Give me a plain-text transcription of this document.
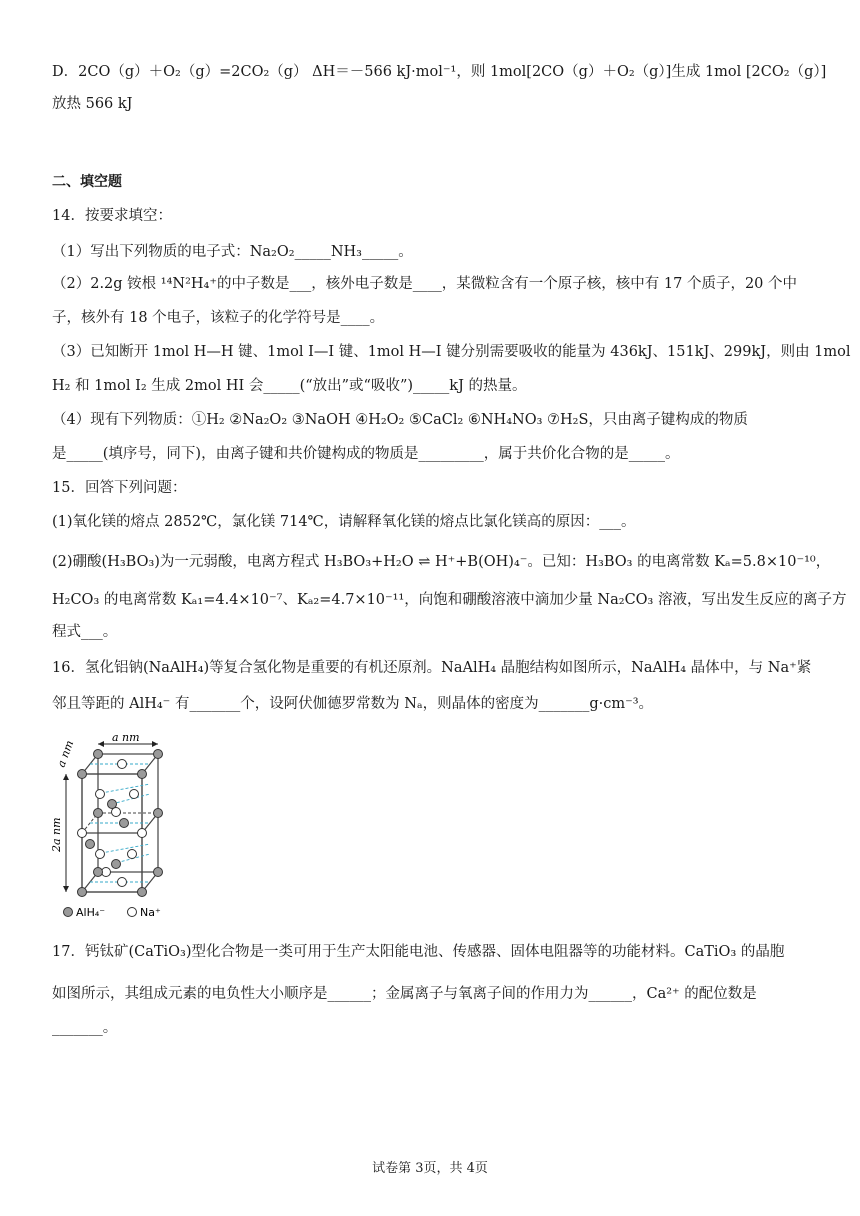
D．2CO（g）＋O₂（g）=2CO₂（g） ΔH＝－566 kJ·mol⁻¹，则 1mol[2CO（g）＋O₂（g）]生成 1mol [2CO₂（g）]
放热 566 kJ
二、填空题
14．按要求填空：
（1）写出下列物质的电子式：Na₂O₂_____NH₃_____。
（2）2.2g 铵根 ¹⁴N²H₄⁺的中子数是___，核外电子数是____，某微粒含有一个原子核，核中有 17 个质子，20 个中
子，核外有 18 个电子，该粒子的化学符号是____。
（3）已知断开 1mol H—H 键、1mol I—I 键、1mol H—I 键分别需要吸收的能量为 436kJ、151kJ、299kJ，则由 1mol
H₂ 和 1mol I₂ 生成 2mol HI 会_____(“放出”或“吸收”)_____kJ 的热量。
（4）现有下列物质：①H₂ ②Na₂O₂ ③NaOH ④H₂O₂ ⑤CaCl₂ ⑥NH₄NO₃ ⑦H₂S，只由离子键构成的物质
是_____(填序号，同下)，由离子键和共价键构成的物质是_________，属于共价化合物的是_____。
15．回答下列问题：
(1)氧化镁的熔点 2852℃，氯化镁 714℃，请解释氧化镁的熔点比氯化镁高的原因：___。
(2)硼酸(H₃BO₃)为一元弱酸，电离方程式 H₃BO₃+H₂O ⇌ H⁺+B(OH)₄⁻。已知：H₃BO₃ 的电离常数 Kₐ=5.8×10⁻¹⁰，
H₂CO₃ 的电离常数 Kₐ₁=4.4×10⁻⁷、Kₐ₂=4.7×10⁻¹¹，向饱和硼酸溶液中滴加少量 Na₂CO₃ 溶液，写出发生反应的离子方
程式___。
16．氢化铝钠(NaAlH₄)等复合氢化物是重要的有机还原剂。NaAlH₄ 晶胞结构如图所示，NaAlH₄ 晶体中，与 Na⁺紧
邻且等距的 AlH₄⁻ 有_______个，设阿伏伽德罗常数为 Nₐ，则晶体的密度为_______g·cm⁻³。
a nm
a nm
2a nm
AlH₄⁻	Na⁺
17．钙钛矿(CaTiO₃)型化合物是一类可用于生产太阳能电池、传感器、固体电阻器等的功能材料。CaTiO₃ 的晶胞
如图所示，其组成元素的电负性大小顺序是______；金属离子与氧离子间的作用力为______，Ca²⁺ 的配位数是
_______。
试卷第 3页，共 4页
